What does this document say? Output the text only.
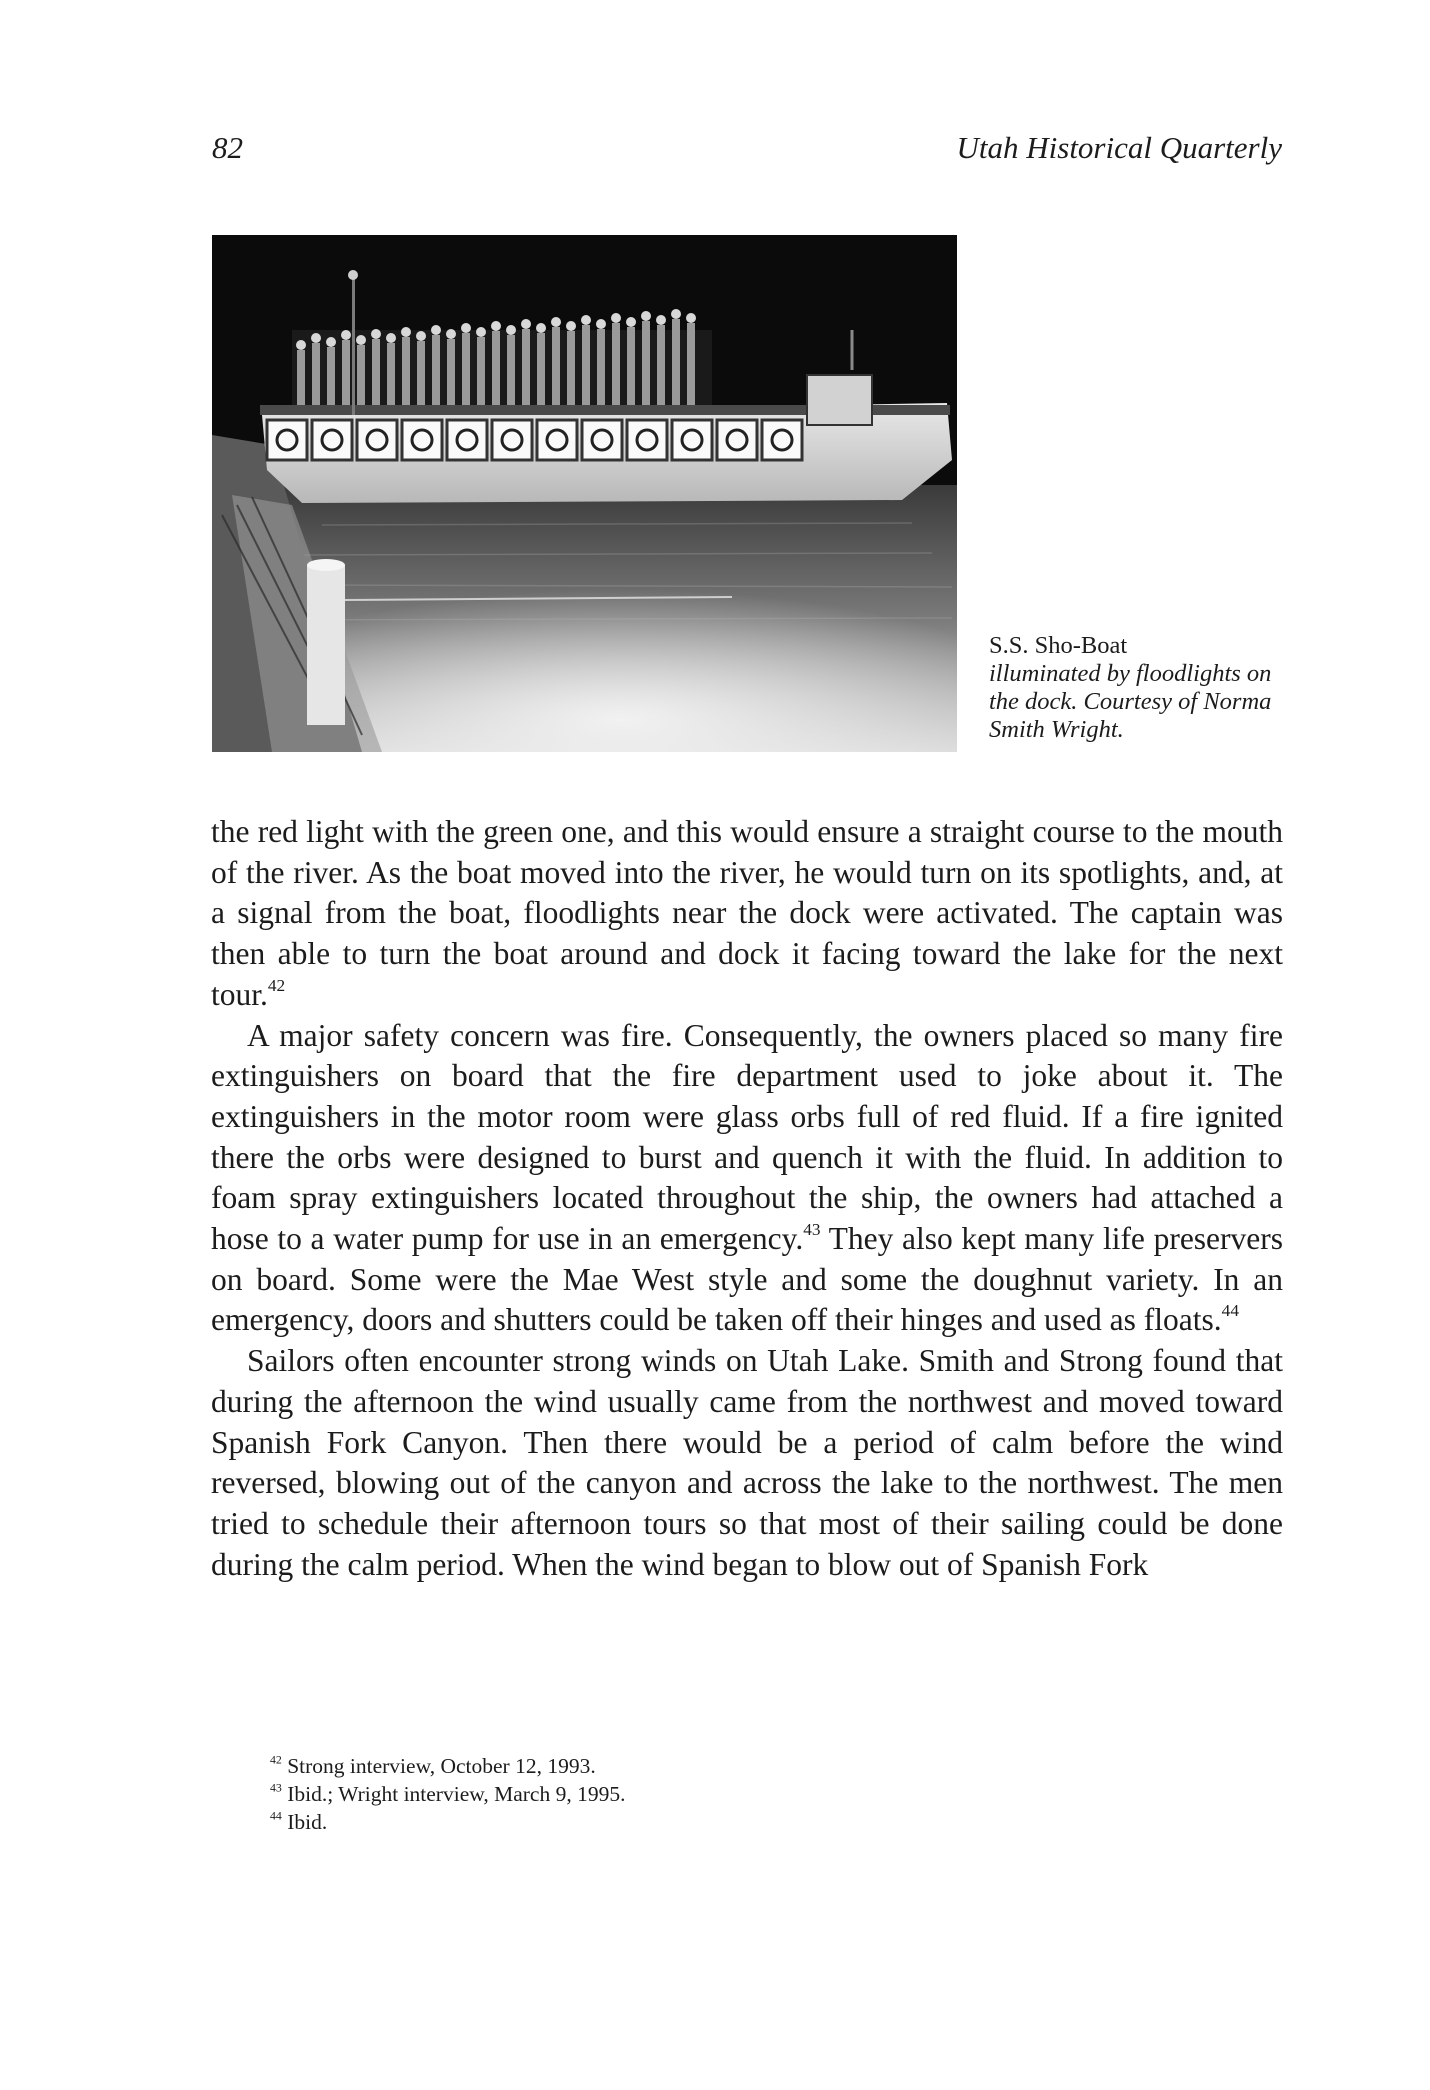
82	Utah Historical Quarterly
S.S. Sho-Boat
illuminated by floodlights on the dock. Courtesy of Norma Smith Wright.

the red light with the green one, and this would ensure a straight course to the mouth of the river. As the boat moved into the river, he would turn on its spotlights, and, at a signal from the boat, floodlights near the dock were activated. The captain was then able to turn the boat around and dock it facing toward the lake for the next tour.$^{42}$

A major safety concern was fire. Consequently, the owners placed so many fire extinguishers on board that the fire department used to joke about it. The extinguishers in the motor room were glass orbs full of red fluid. If a fire ignited there the orbs were designed to burst and quench it with the fluid. In addition to foam spray extinguishers located throughout the ship, the owners had attached a hose to a water pump for use in an emergency.$^{43}$ They also kept many life preservers on board. Some were the Mae West style and some the doughnut variety. In an emergency, doors and shutters could be taken off their hinges and used as floats.$^{44}$

Sailors often encounter strong winds on Utah Lake. Smith and Strong found that during the afternoon the wind usually came from the northwest and moved toward Spanish Fork Canyon. Then there would be a period of calm before the wind reversed, blowing out of the canyon and across the lake to the northwest. The men tried to schedule their afternoon tours so that most of their sailing could be done during the calm period. When the wind began to blow out of Spanish Fork

$^{42}$ Strong interview, October 12, 1993.
$^{43}$ Ibid.; Wright interview, March 9, 1995.
$^{44}$ Ibid.
